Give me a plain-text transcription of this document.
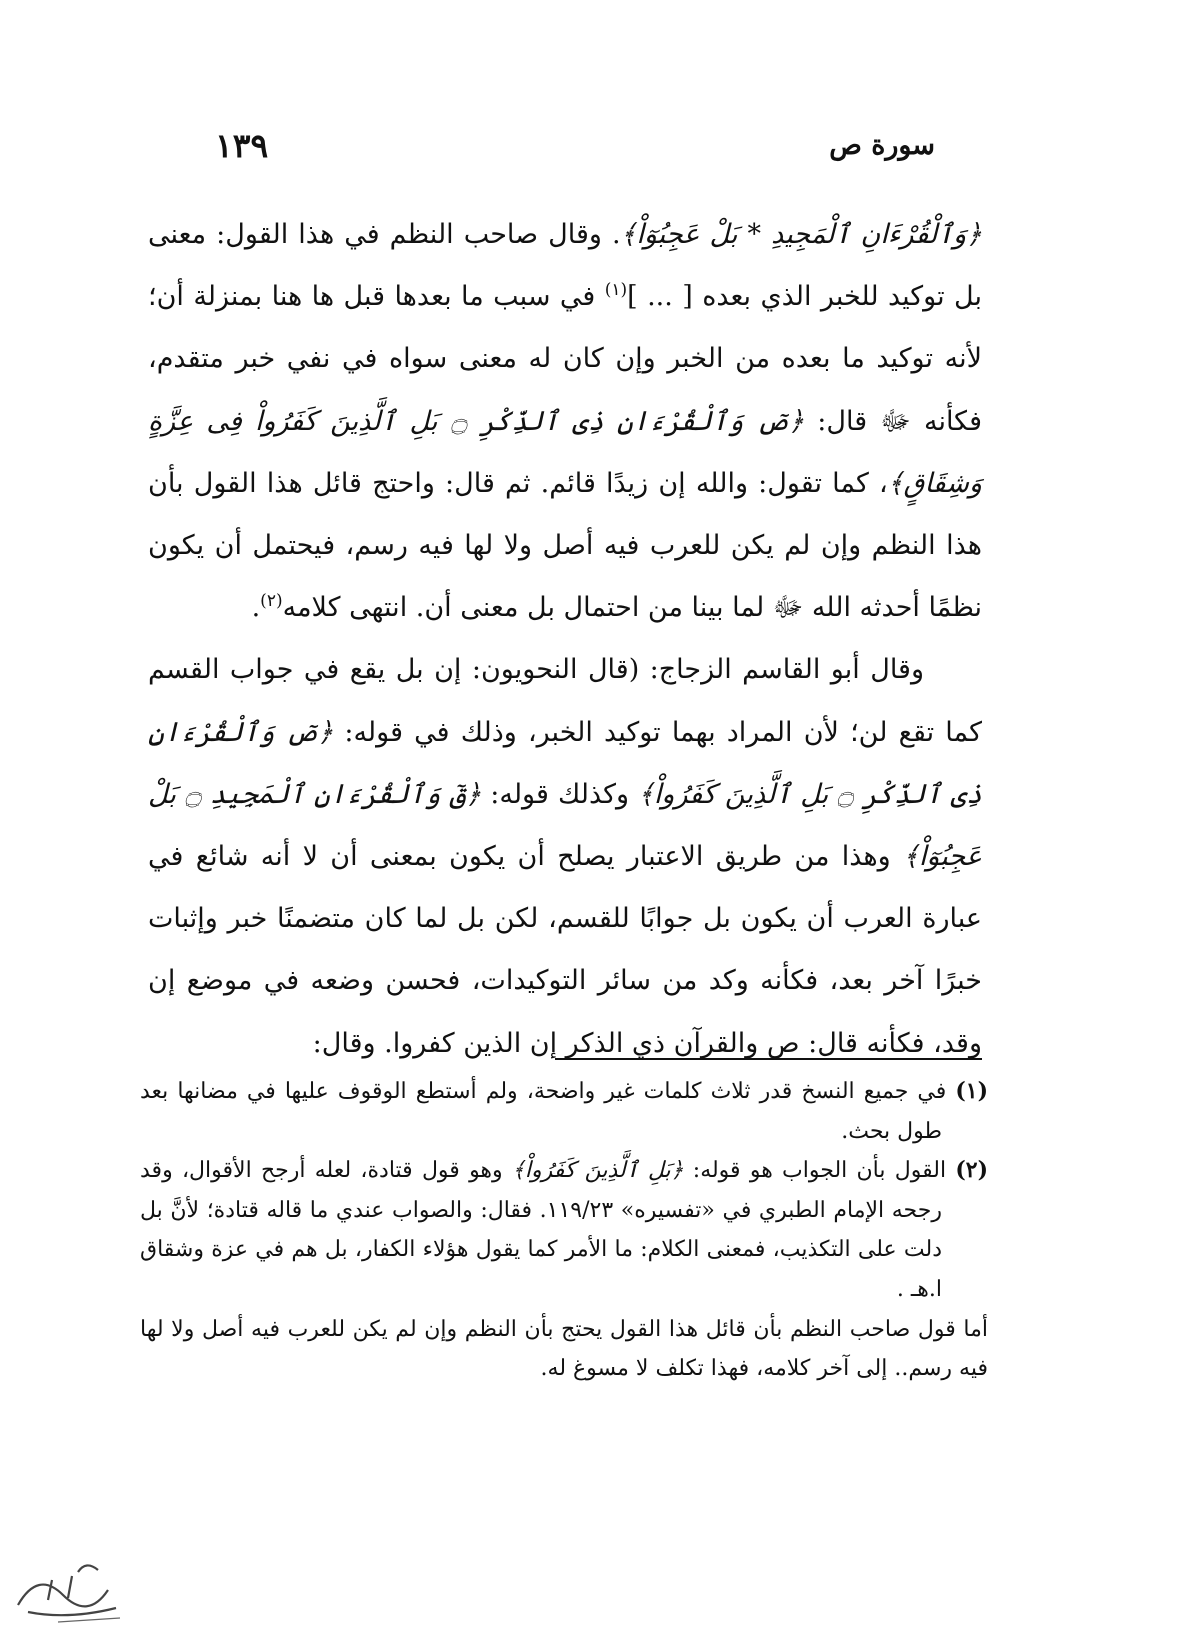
سورة ص
١٣٩

﴿وَٱلْقُرْءَانِ ٱلْمَجِيدِ * بَلْ عَجِبُوٓاْ﴾. وقال صاحب النظم في هذا القول: معنى بل توكيد للخبر الذي بعده [ ... ]$^{(١)}$ في سبب ما بعدها قبل ها هنا بمنزلة أن؛ لأنه توكيد ما بعده من الخبر وإن كان له معنى سواه في نفي خبر متقدم، فكأنه ﷻ قال: ﴿صٓ وَٱلْقُرْءَانِ ذِى ٱلذِّكْرِ ۝ بَلِ ٱلَّذِينَ كَفَرُواْ فِى عِزَّةٍ وَشِقَاقٍ﴾، كما تقول: والله إن زيدًا قائم. ثم قال: واحتج قائل هذا القول بأن هذا النظم وإن لم يكن للعرب فيه أصل ولا لها فيه رسم، فيحتمل أن يكون نظمًا أحدثه الله ﷻ لما بينا من احتمال بل معنى أن. انتهى كلامه$^{(٢)}$.

وقال أبو القاسم الزجاج: (قال النحويون: إن بل يقع في جواب القسم كما تقع لن؛ لأن المراد بهما توكيد الخبر، وذلك في قوله: ﴿صٓ وَٱلْقُرْءَانِ ذِى ٱلذِّكْرِ ۝ بَلِ ٱلَّذِينَ كَفَرُواْ﴾ وكذلك قوله: ﴿قٓ وَٱلْقُرْءَانِ ٱلْمَجِيدِ ۝ بَلْ عَجِبُوٓاْ﴾ وهذا من طريق الاعتبار يصلح أن يكون بمعنى أن لا أنه شائع في عبارة العرب أن يكون بل جوابًا للقسم، لكن بل لما كان متضمنًا خبر وإثبات خبرًا آخر بعد، فكأنه وكد من سائر التوكيدات، فحسن وضعه في موضع إن وقد، فكأنه قال: ص والقرآن ذي الذكر إن الذين كفروا. وقال:

(١) في جميع النسخ قدر ثلاث كلمات غير واضحة، ولم أستطع الوقوف عليها في مضانها بعد طول بحث.

(٢) القول بأن الجواب هو قوله: ﴿بَلِ ٱلَّذِينَ كَفَرُواْ﴾ وهو قول قتادة، لعله أرجح الأقوال، وقد رجحه الإمام الطبري في «تفسيره» ١١٩/٢٣. فقال: والصواب عندي ما قاله قتادة؛ لأنَّ بل دلت على التكذيب، فمعنى الكلام: ما الأمر كما يقول هؤلاء الكفار، بل هم في عزة وشقاق ا.هـ .

أما قول صاحب النظم بأن قائل هذا القول يحتج بأن النظم وإن لم يكن للعرب فيه أصل ولا لها فيه رسم.. إلى آخر كلامه، فهذا تكلف لا مسوغ له.
